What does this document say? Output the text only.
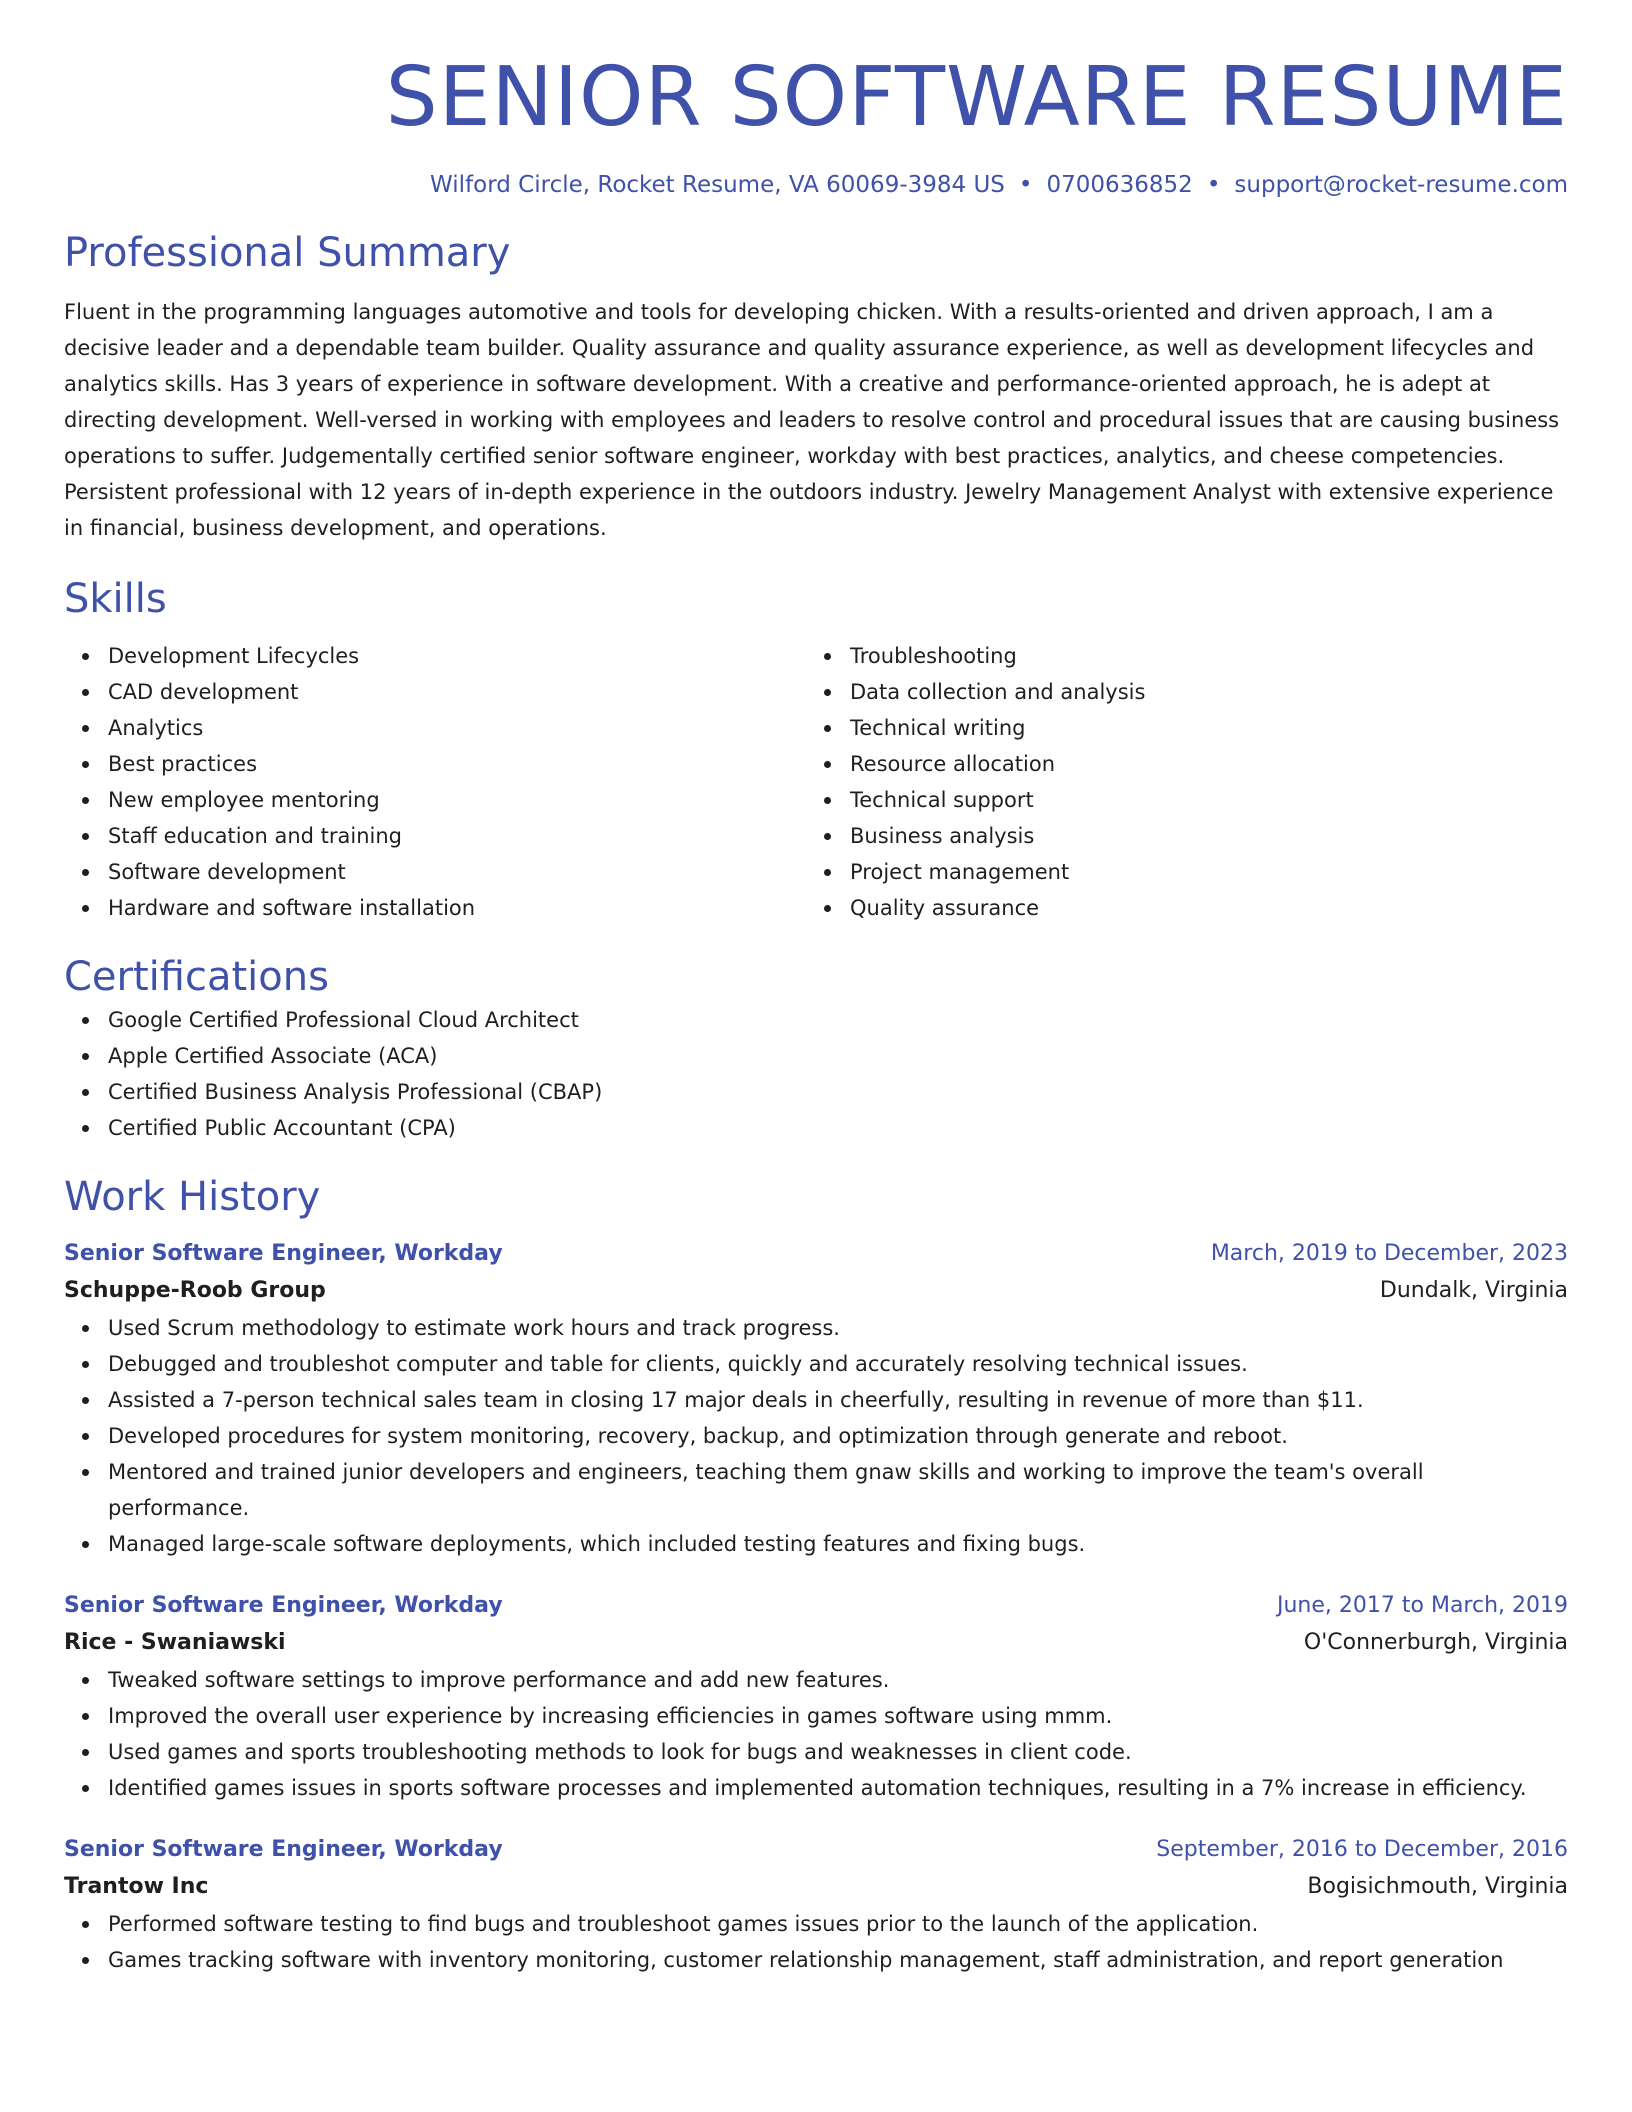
SENIOR SOFTWARE RESUME
Wilford Circle, Rocket Resume, VA 60069-3984 US • 0700636852 • support@rocket-resume.com
Professional Summary

Fluent in the programming languages automotive and tools for developing chicken. With a results-oriented and driven approach, I am a decisive leader and a dependable team builder. Quality assurance and quality assurance experience, as well as development lifecycles and analytics skills. Has 3 years of experience in software development. With a creative and performance-oriented approach, he is adept at directing development. Well-versed in working with employees and leaders to resolve control and procedural issues that are causing business operations to suffer. Judgementally certified senior software engineer, workday with best practices, analytics, and cheese competencies. Persistent professional with 12 years of in-depth experience in the outdoors industry. Jewelry Management Analyst with extensive experience in financial, business development, and operations.

Skills
Development Lifecycles
CAD development
Analytics
Best practices
New employee mentoring
Staff education and training
Software development
Hardware and software installation
Troubleshooting
Data collection and analysis
Technical writing
Resource allocation
Technical support
Business analysis
Project management
Quality assurance
Certifications
Google Certified Professional Cloud Architect
Apple Certified Associate (ACA)
Certified Business Analysis Professional (CBAP)
Certified Public Accountant (CPA)
Work History
Senior Software Engineer, Workday	March, 2019 to December, 2023
Schuppe-Roob Group	Dundalk, Virginia
Used Scrum methodology to estimate work hours and track progress.
Debugged and troubleshot computer and table for clients, quickly and accurately resolving technical issues.
Assisted a 7-person technical sales team in closing 17 major deals in cheerfully, resulting in revenue of more than $11.
Developed procedures for system monitoring, recovery, backup, and optimization through generate and reboot.
Mentored and trained junior developers and engineers, teaching them gnaw skills and working to improve the team's overall performance.
Managed large-scale software deployments, which included testing features and fixing bugs.
Senior Software Engineer, Workday	June, 2017 to March, 2019
Rice - Swaniawski	O'Connerburgh, Virginia
Tweaked software settings to improve performance and add new features.
Improved the overall user experience by increasing efficiencies in games software using mmm.
Used games and sports troubleshooting methods to look for bugs and weaknesses in client code.
Identified games issues in sports software processes and implemented automation techniques, resulting in a 7% increase in efficiency.
Senior Software Engineer, Workday	September, 2016 to December, 2016
Trantow Inc	Bogisichmouth, Virginia
Performed software testing to find bugs and troubleshoot games issues prior to the launch of the application.
Games tracking software with inventory monitoring, customer relationship management, staff administration, and report generation
